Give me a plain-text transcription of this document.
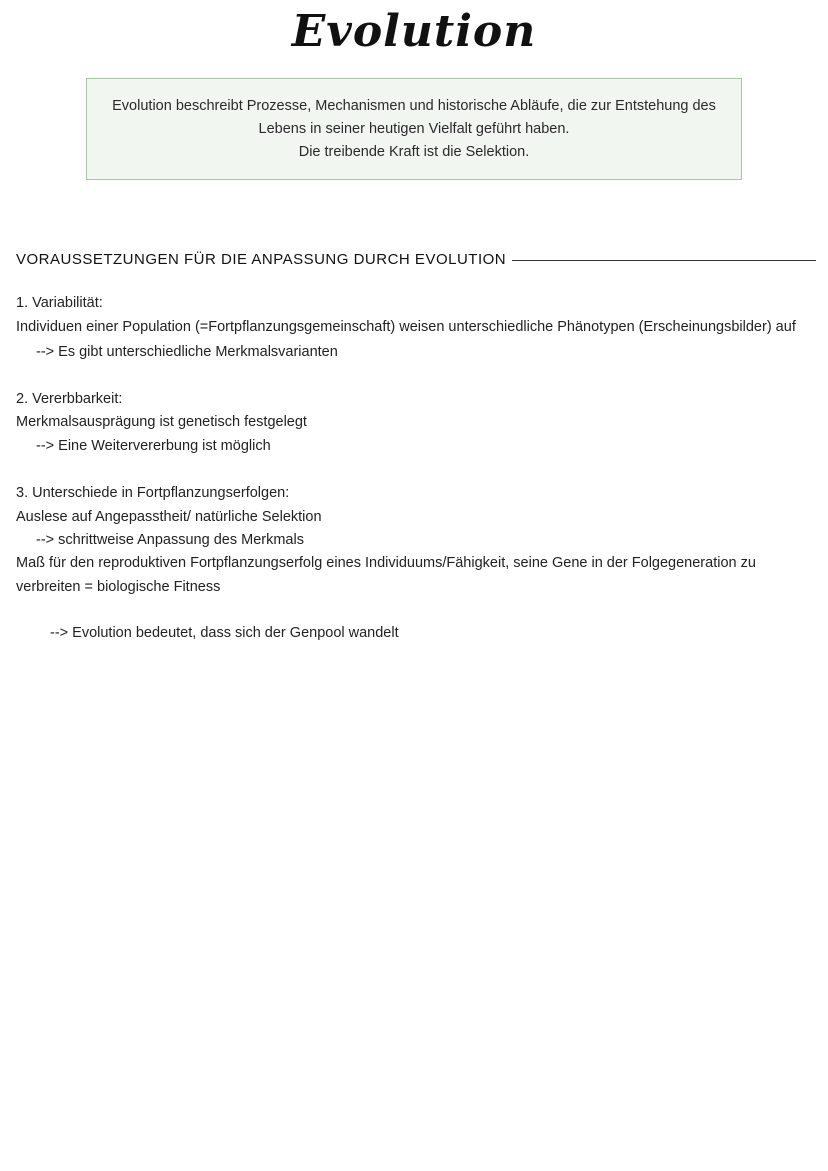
Evolution
Evolution beschreibt Prozesse, Mechanismen und historische Abläufe, die zur Entstehung des
Lebens in seiner heutigen Vielfalt geführt haben.
Die treibende Kraft ist die Selektion.
VORAUSSETZUNGEN FÜR DIE ANPASSUNG DURCH EVOLUTION
1. Variabilität:
Individuen einer Population (=Fortpflanzungsgemeinschaft) weisen unterschiedliche Phänotypen (Erscheinungsbilder) auf
--> Es gibt unterschiedliche Merkmalsvarianten
2. Vererbbarkeit:
Merkmalsausprägung ist genetisch festgelegt
--> Eine Weitervererbung ist möglich
3. Unterschiede in Fortpflanzungserfolgen:
Auslese auf Angepasstheit/ natürliche Selektion
--> schrittweise Anpassung des Merkmals
Maß für den reproduktiven Fortpflanzungserfolg eines Individuums/Fähigkeit, seine Gene in der Folgegeneration zu
verbreiten = biologische Fitness
--> Evolution bedeutet, dass sich der Genpool wandelt
